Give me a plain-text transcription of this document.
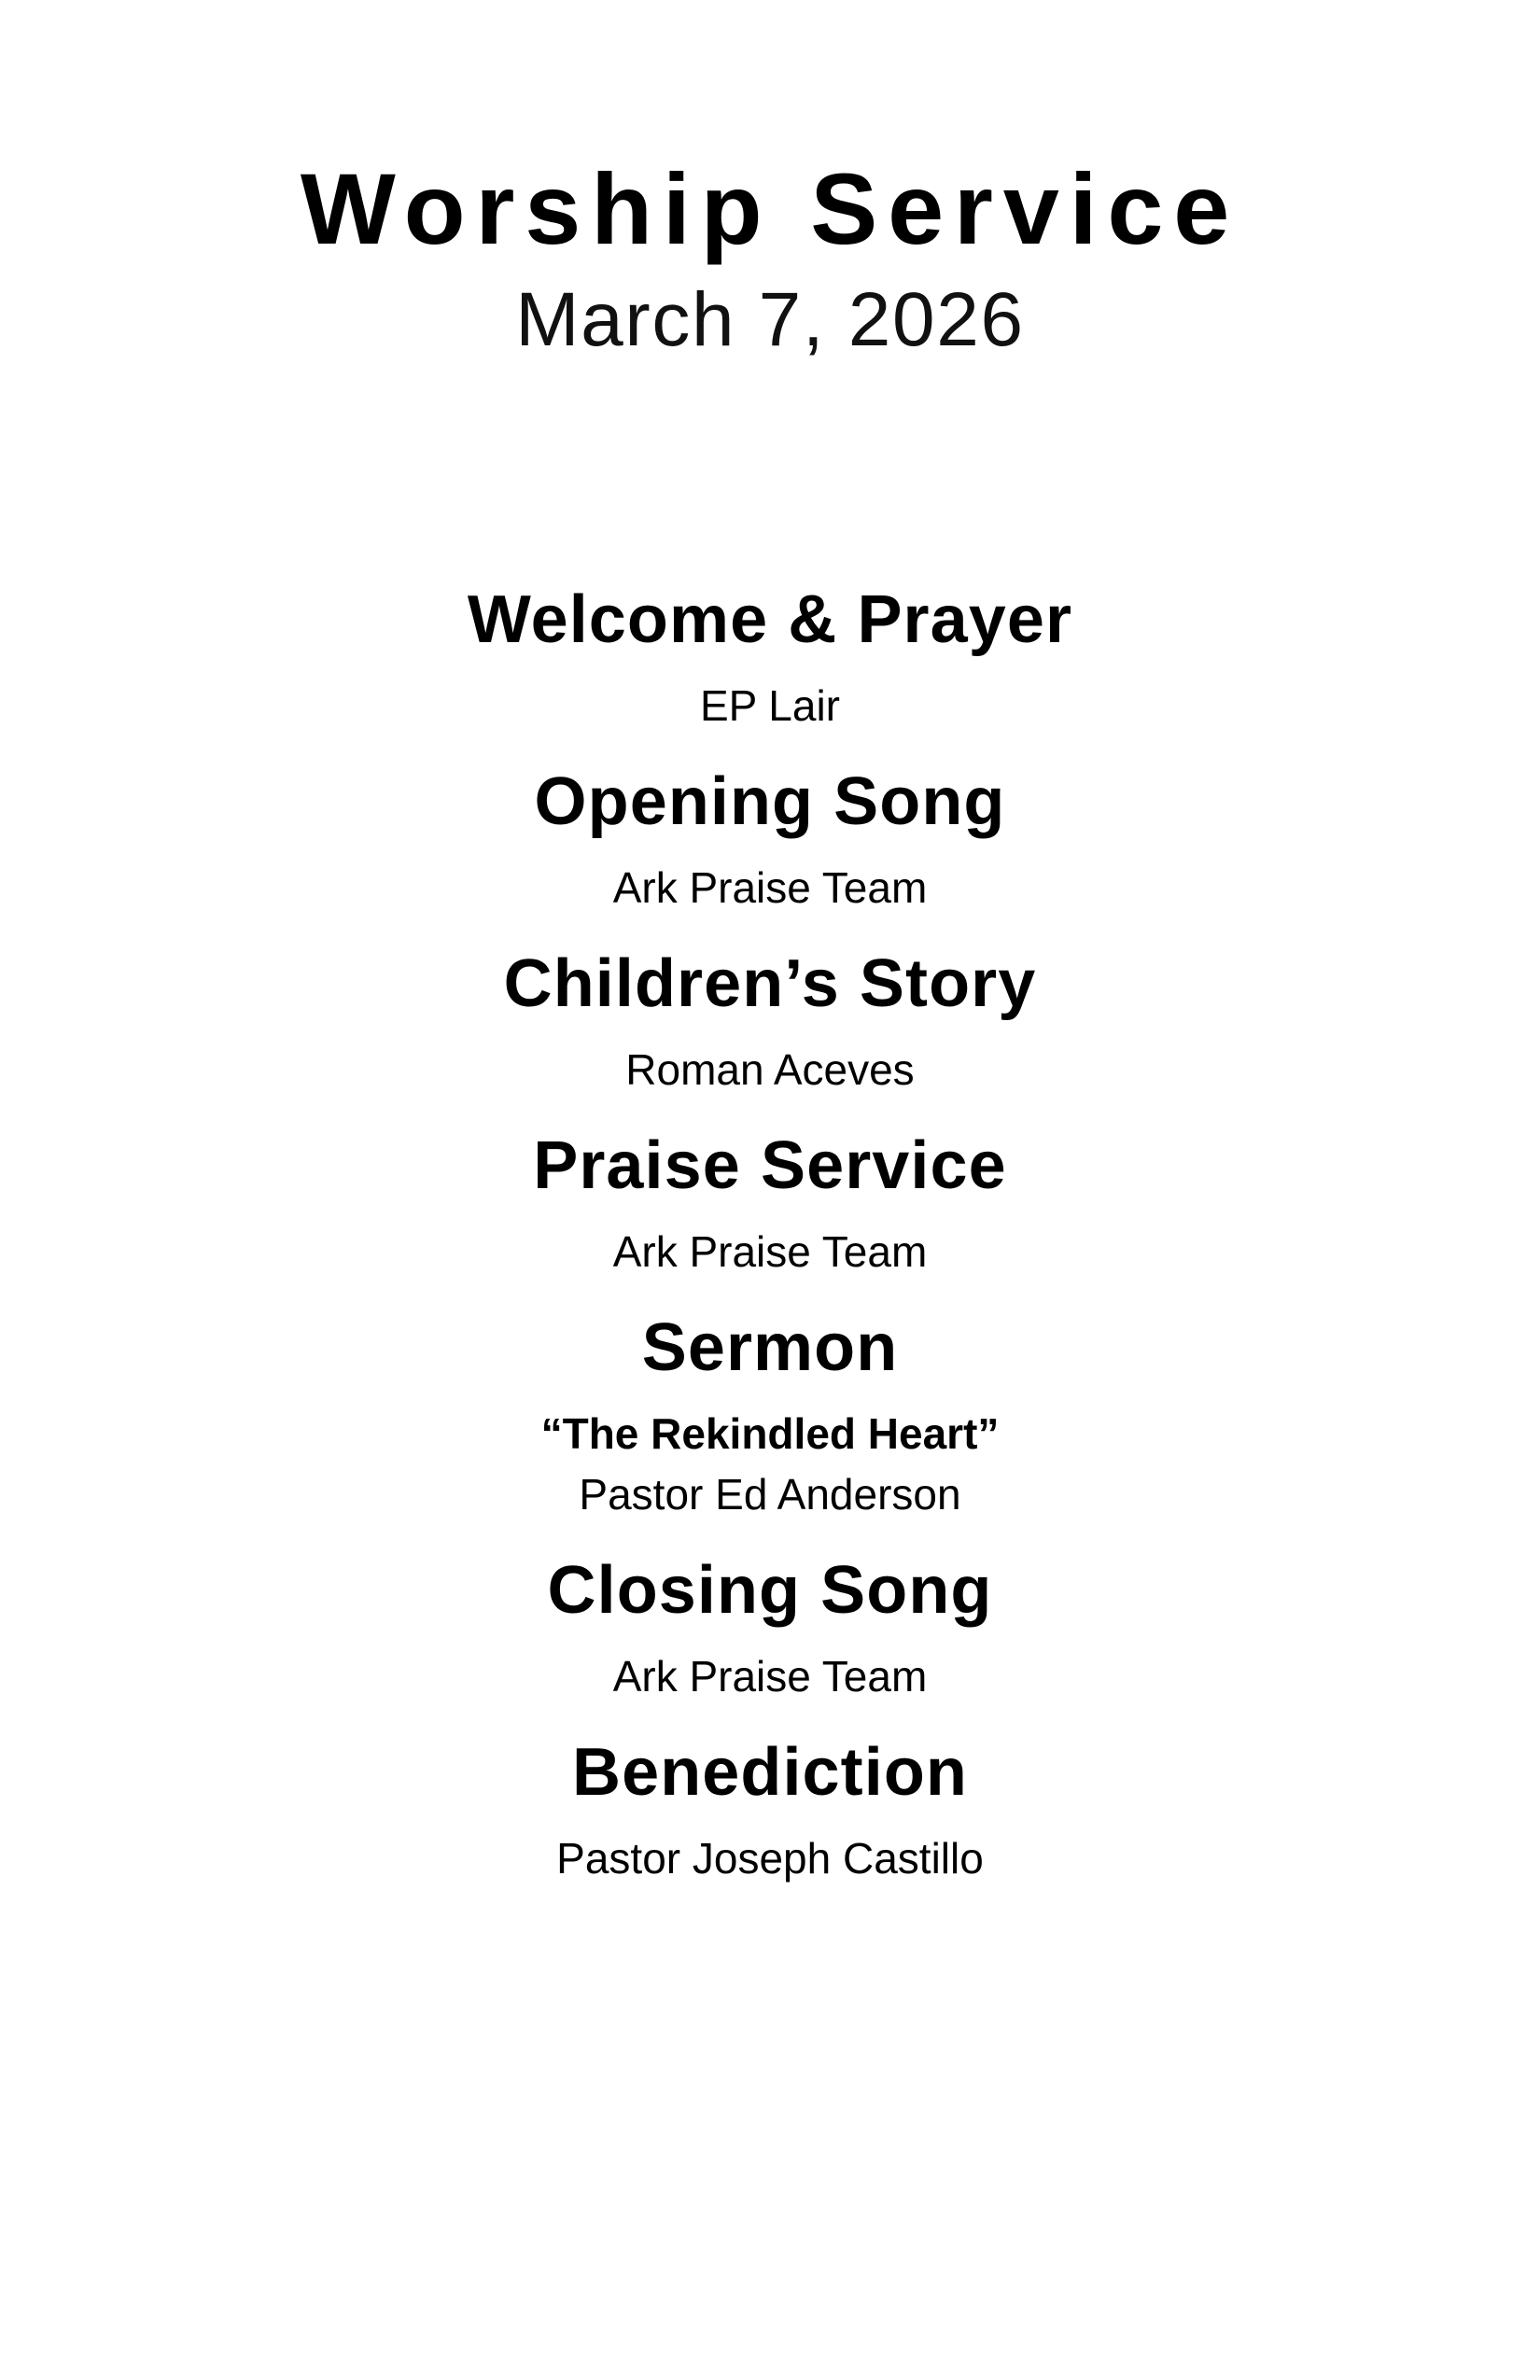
Worship Service
March 7, 2026
Welcome & Prayer
EP Lair
Opening Song
Ark Praise Team
Children’s Story
Roman Aceves
Praise Service
Ark Praise Team
Sermon
“The Rekindled Heart”
Pastor Ed Anderson
Closing Song
Ark Praise Team
Benediction
Pastor Joseph Castillo
